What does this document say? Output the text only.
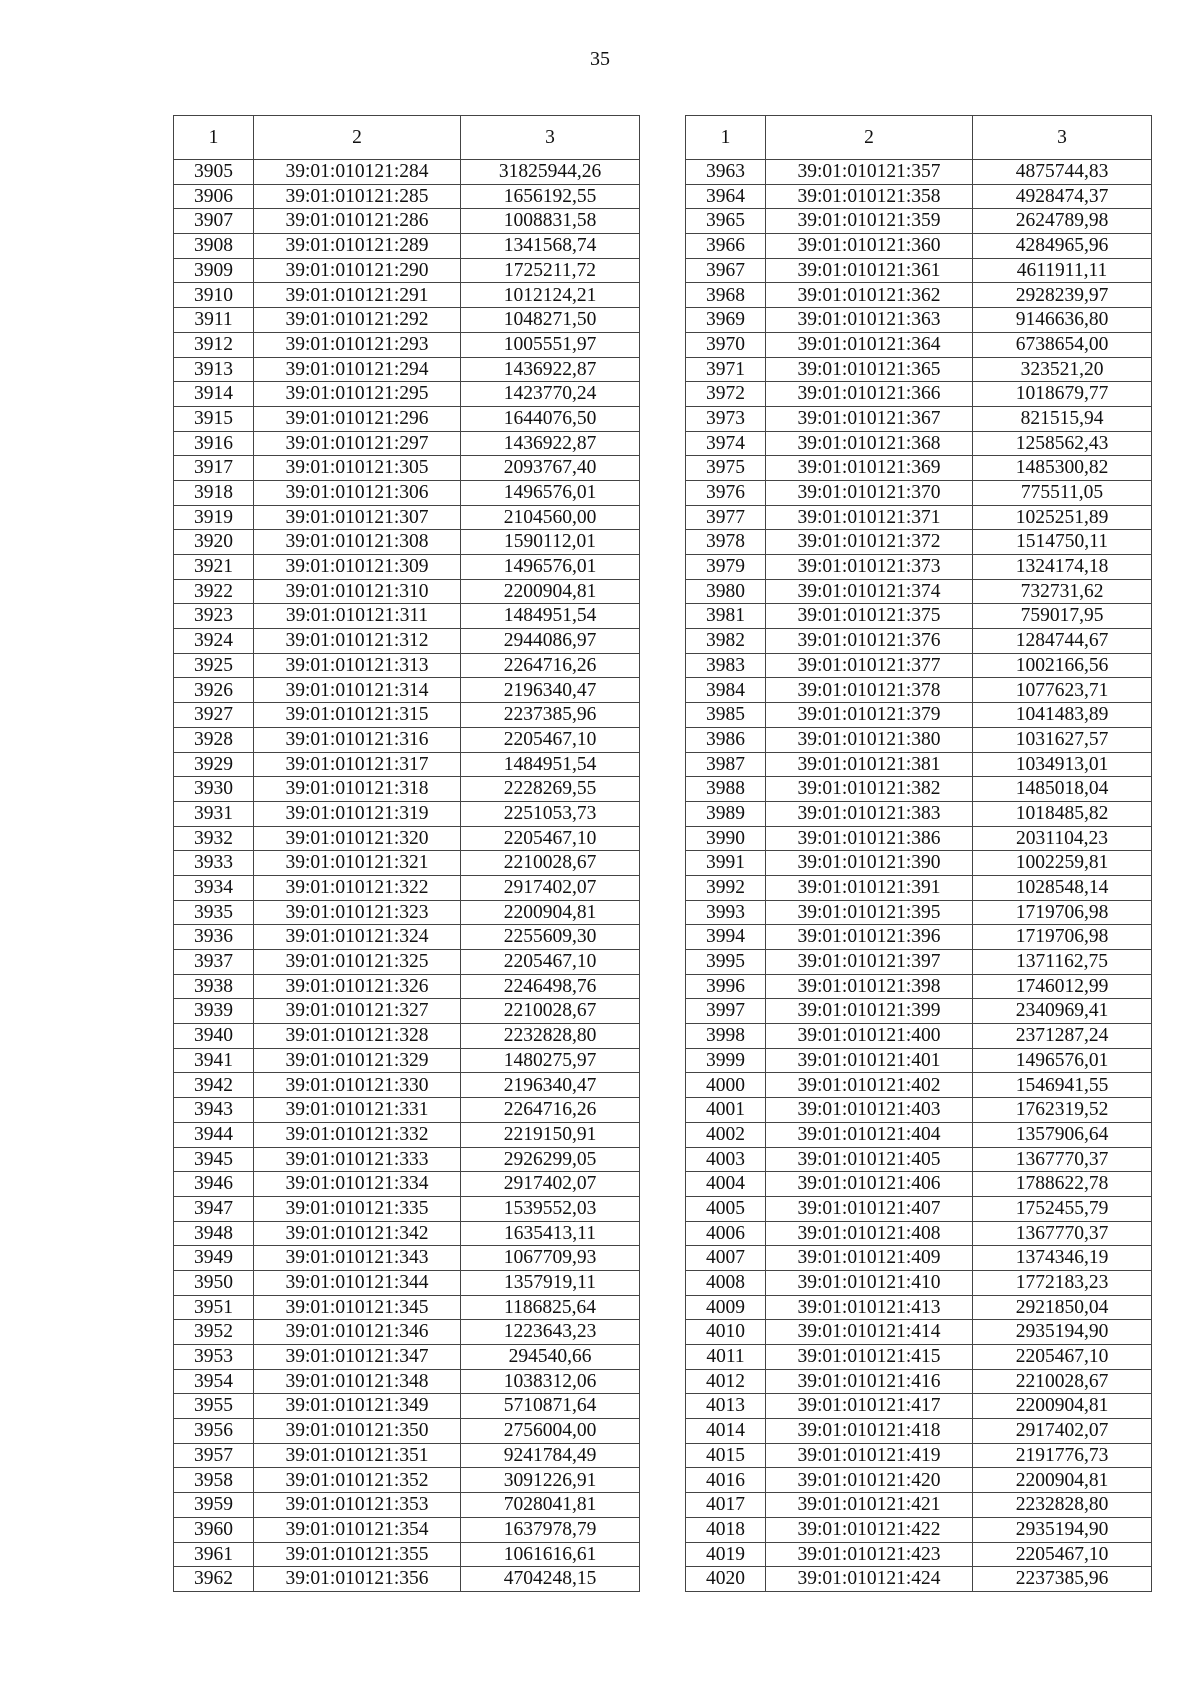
35
1	2	3
3905	39:01:010121:284	31825944,26
3906	39:01:010121:285	1656192,55
3907	39:01:010121:286	1008831,58
3908	39:01:010121:289	1341568,74
3909	39:01:010121:290	1725211,72
3910	39:01:010121:291	1012124,21
3911	39:01:010121:292	1048271,50
3912	39:01:010121:293	1005551,97
3913	39:01:010121:294	1436922,87
3914	39:01:010121:295	1423770,24
3915	39:01:010121:296	1644076,50
3916	39:01:010121:297	1436922,87
3917	39:01:010121:305	2093767,40
3918	39:01:010121:306	1496576,01
3919	39:01:010121:307	2104560,00
3920	39:01:010121:308	1590112,01
3921	39:01:010121:309	1496576,01
3922	39:01:010121:310	2200904,81
3923	39:01:010121:311	1484951,54
3924	39:01:010121:312	2944086,97
3925	39:01:010121:313	2264716,26
3926	39:01:010121:314	2196340,47
3927	39:01:010121:315	2237385,96
3928	39:01:010121:316	2205467,10
3929	39:01:010121:317	1484951,54
3930	39:01:010121:318	2228269,55
3931	39:01:010121:319	2251053,73
3932	39:01:010121:320	2205467,10
3933	39:01:010121:321	2210028,67
3934	39:01:010121:322	2917402,07
3935	39:01:010121:323	2200904,81
3936	39:01:010121:324	2255609,30
3937	39:01:010121:325	2205467,10
3938	39:01:010121:326	2246498,76
3939	39:01:010121:327	2210028,67
3940	39:01:010121:328	2232828,80
3941	39:01:010121:329	1480275,97
3942	39:01:010121:330	2196340,47
3943	39:01:010121:331	2264716,26
3944	39:01:010121:332	2219150,91
3945	39:01:010121:333	2926299,05
3946	39:01:010121:334	2917402,07
3947	39:01:010121:335	1539552,03
3948	39:01:010121:342	1635413,11
3949	39:01:010121:343	1067709,93
3950	39:01:010121:344	1357919,11
3951	39:01:010121:345	1186825,64
3952	39:01:010121:346	1223643,23
3953	39:01:010121:347	294540,66
3954	39:01:010121:348	1038312,06
3955	39:01:010121:349	5710871,64
3956	39:01:010121:350	2756004,00
3957	39:01:010121:351	9241784,49
3958	39:01:010121:352	3091226,91
3959	39:01:010121:353	7028041,81
3960	39:01:010121:354	1637978,79
3961	39:01:010121:355	1061616,61
3962	39:01:010121:356	4704248,15
1	2	3
3963	39:01:010121:357	4875744,83
3964	39:01:010121:358	4928474,37
3965	39:01:010121:359	2624789,98
3966	39:01:010121:360	4284965,96
3967	39:01:010121:361	4611911,11
3968	39:01:010121:362	2928239,97
3969	39:01:010121:363	9146636,80
3970	39:01:010121:364	6738654,00
3971	39:01:010121:365	323521,20
3972	39:01:010121:366	1018679,77
3973	39:01:010121:367	821515,94
3974	39:01:010121:368	1258562,43
3975	39:01:010121:369	1485300,82
3976	39:01:010121:370	775511,05
3977	39:01:010121:371	1025251,89
3978	39:01:010121:372	1514750,11
3979	39:01:010121:373	1324174,18
3980	39:01:010121:374	732731,62
3981	39:01:010121:375	759017,95
3982	39:01:010121:376	1284744,67
3983	39:01:010121:377	1002166,56
3984	39:01:010121:378	1077623,71
3985	39:01:010121:379	1041483,89
3986	39:01:010121:380	1031627,57
3987	39:01:010121:381	1034913,01
3988	39:01:010121:382	1485018,04
3989	39:01:010121:383	1018485,82
3990	39:01:010121:386	2031104,23
3991	39:01:010121:390	1002259,81
3992	39:01:010121:391	1028548,14
3993	39:01:010121:395	1719706,98
3994	39:01:010121:396	1719706,98
3995	39:01:010121:397	1371162,75
3996	39:01:010121:398	1746012,99
3997	39:01:010121:399	2340969,41
3998	39:01:010121:400	2371287,24
3999	39:01:010121:401	1496576,01
4000	39:01:010121:402	1546941,55
4001	39:01:010121:403	1762319,52
4002	39:01:010121:404	1357906,64
4003	39:01:010121:405	1367770,37
4004	39:01:010121:406	1788622,78
4005	39:01:010121:407	1752455,79
4006	39:01:010121:408	1367770,37
4007	39:01:010121:409	1374346,19
4008	39:01:010121:410	1772183,23
4009	39:01:010121:413	2921850,04
4010	39:01:010121:414	2935194,90
4011	39:01:010121:415	2205467,10
4012	39:01:010121:416	2210028,67
4013	39:01:010121:417	2200904,81
4014	39:01:010121:418	2917402,07
4015	39:01:010121:419	2191776,73
4016	39:01:010121:420	2200904,81
4017	39:01:010121:421	2232828,80
4018	39:01:010121:422	2935194,90
4019	39:01:010121:423	2205467,10
4020	39:01:010121:424	2237385,96
